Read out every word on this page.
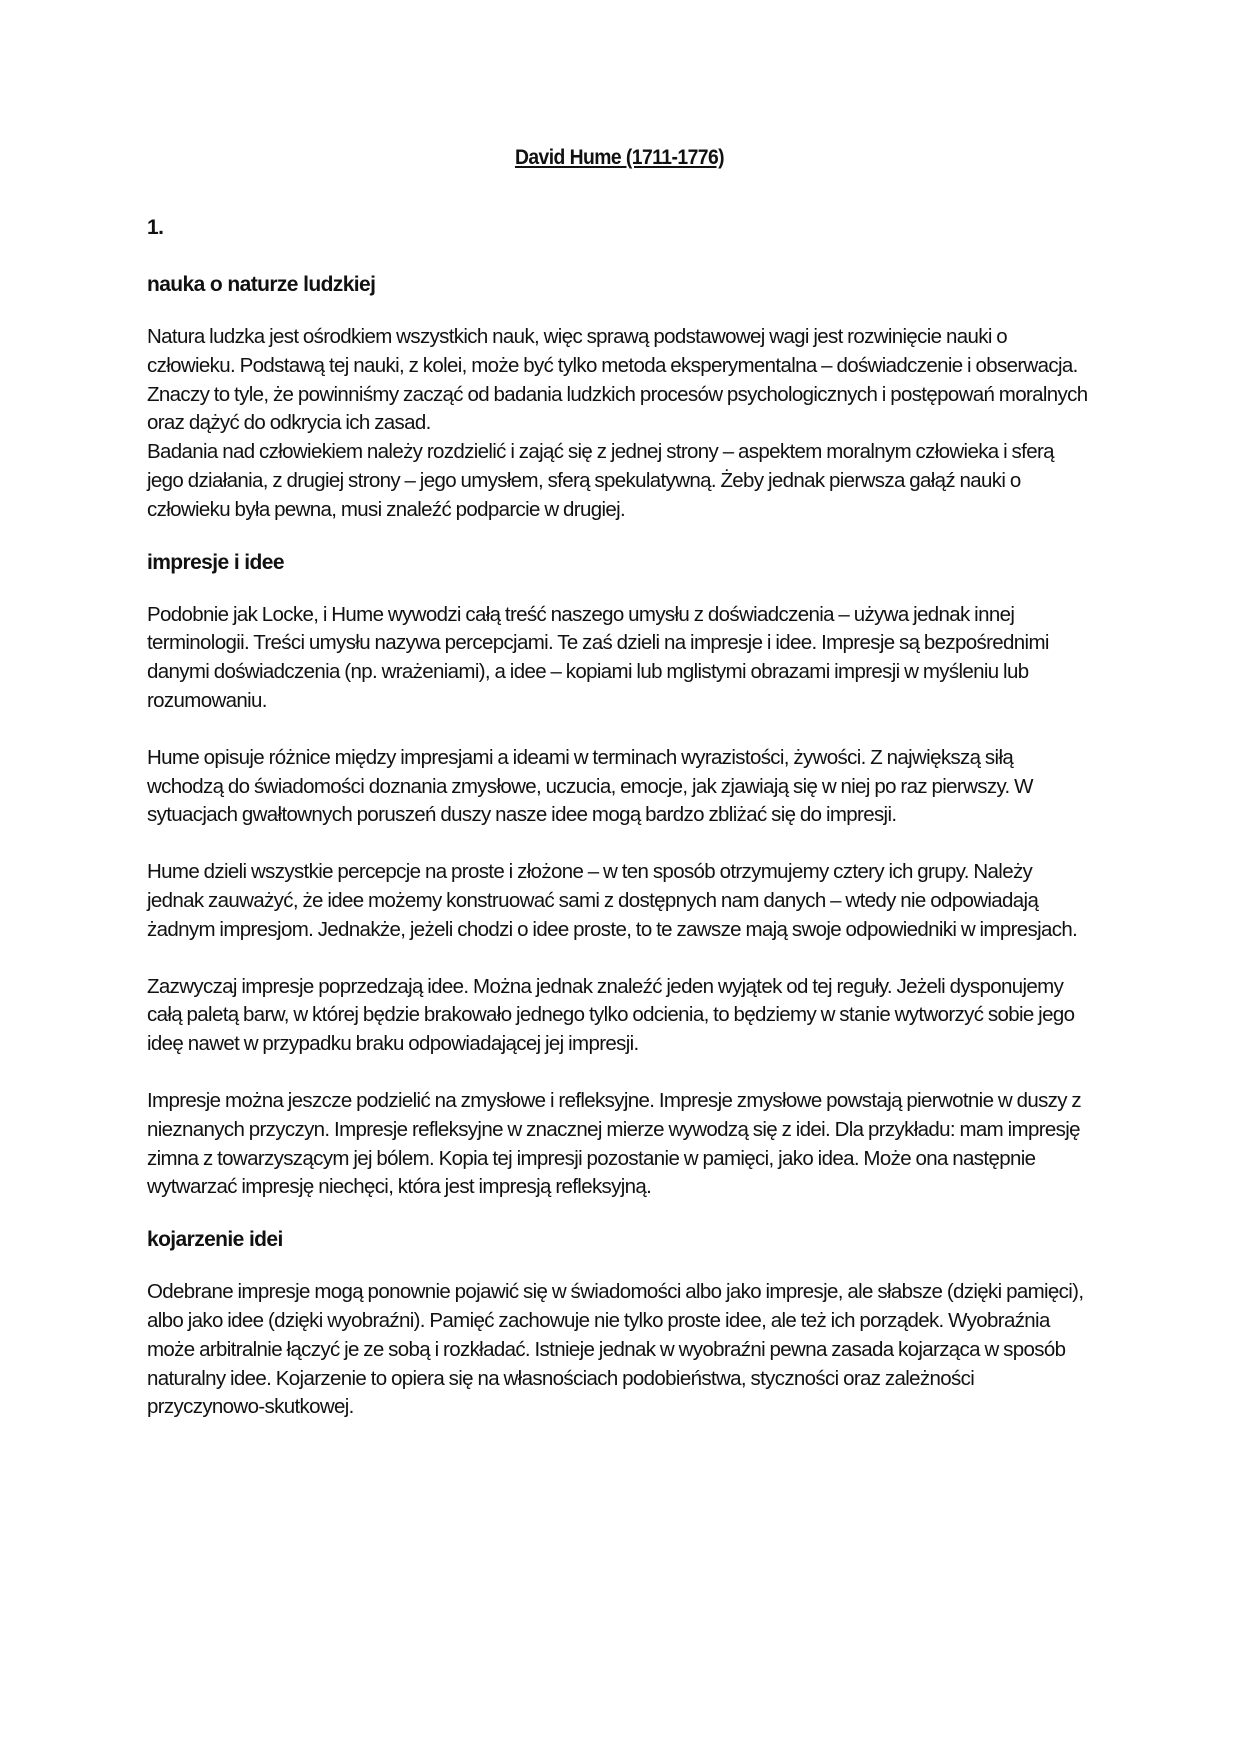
David Hume (1711-1776)
1.
nauka o naturze ludzkiej

Natura ludzka jest ośrodkiem wszystkich nauk, więc sprawą podstawowej wagi jest rozwinięcie nauki o człowieku. Podstawą tej nauki, z kolei, może być tylko metoda eksperymentalna – doświadczenie i obserwacja. Znaczy to tyle, że powinniśmy zacząć od badania ludzkich procesów psychologicznych i postępowań moralnych oraz dążyć do odkrycia ich zasad.

Badania nad człowiekiem należy rozdzielić i zająć się z jednej strony – aspektem moralnym człowieka i sferą jego działania, z drugiej strony – jego umysłem, sferą spekulatywną. Żeby jednak pierwsza gałąź nauki o człowieku była pewna, musi znaleźć podparcie w drugiej.

impresje i idee

Podobnie jak Locke, i Hume wywodzi całą treść naszego umysłu z doświadczenia – używa jednak innej terminologii. Treści umysłu nazywa percepcjami. Te zaś dzieli na impresje i idee. Impresje są bezpośrednimi danymi doświadczenia (np. wrażeniami), a idee – kopiami lub mglistymi obrazami impresji w myśleniu lub rozumowaniu.

Hume opisuje różnice między impresjami a ideami w terminach wyrazistości, żywości. Z największą siłą wchodzą do świadomości doznania zmysłowe, uczucia, emocje, jak zjawiają się w niej po raz pierwszy. W sytuacjach gwałtownych poruszeń duszy nasze idee mogą bardzo zbliżać się do impresji.

Hume dzieli wszystkie percepcje na proste i złożone – w ten sposób otrzymujemy cztery ich grupy. Należy jednak zauważyć, że idee możemy konstruować sami z dostępnych nam danych – wtedy nie odpowiadają żadnym impresjom. Jednakże, jeżeli chodzi o idee proste, to te zawsze mają swoje odpowiedniki w impresjach.

Zazwyczaj impresje poprzedzają idee. Można jednak znaleźć jeden wyjątek od tej reguły. Jeżeli dysponujemy całą paletą barw, w której będzie brakowało jednego tylko odcienia, to będziemy w stanie wytworzyć sobie jego ideę nawet w przypadku braku odpowiadającej jej impresji.

Impresje można jeszcze podzielić na zmysłowe i refleksyjne. Impresje zmysłowe powstają pierwotnie w duszy z nieznanych przyczyn. Impresje refleksyjne w znacznej mierze wywodzą się z idei. Dla przykładu: mam impresję zimna z towarzyszącym jej bólem. Kopia tej impresji pozostanie w pamięci, jako idea. Może ona następnie wytwarzać impresję niechęci, która jest impresją refleksyjną.

kojarzenie idei

Odebrane impresje mogą ponownie pojawić się w świadomości albo jako impresje, ale słabsze (dzięki pamięci), albo jako idee (dzięki wyobraźni). Pamięć zachowuje nie tylko proste idee, ale też ich porządek. Wyobraźnia może arbitralnie łączyć je ze sobą i rozkładać. Istnieje jednak w wyobraźni pewna zasada kojarząca w sposób naturalny idee. Kojarzenie to opiera się na własnościach podobieństwa, styczności oraz zależności przyczynowo-skutkowej.
